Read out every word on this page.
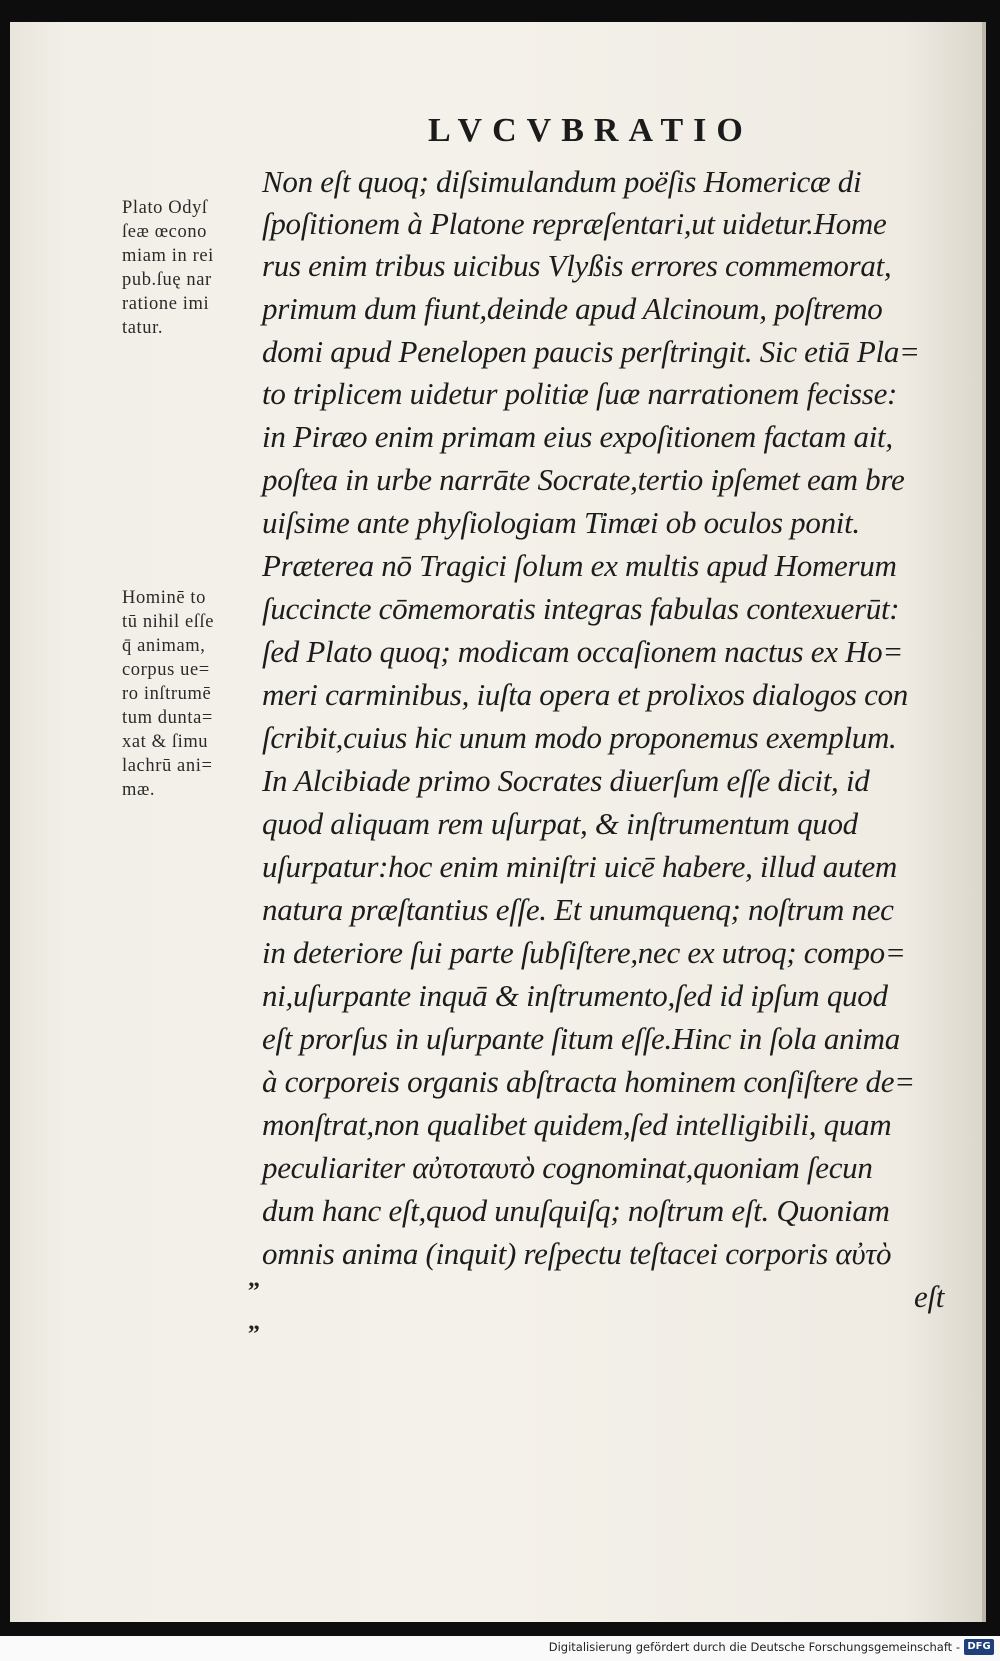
LVCVBRATIO
Non eſt quoq; diſsimulandum poëſis Homericæ di
ſpoſitionem à Platone repræſentari,ut uidetur.Home
rus enim tribus uicibus Vlyßis errores commemorat,
primum dum fiunt,deinde apud Alcinoum, poſtremo
domi apud Penelopen paucis perſtringit. Sic etiā Pla=
to triplicem uidetur politiæ ſuæ narrationem fecisse:
in Piræo enim primam eius expoſitionem factam ait,
poſtea in urbe narrāte Socrate,tertio ipſemet eam bre
uiſsime ante phyſiologiam Timæi ob oculos ponit.
Præterea nō Tragici ſolum ex multis apud Homerum
ſuccincte cōmemoratis integras fabulas contexuerūt:
ſed Plato quoq; modicam occaſionem nactus ex Ho=
meri carminibus, iuſta opera et prolixos dialogos con
ſcribit,cuius hic unum modo proponemus exemplum.
In Alcibiade primo Socrates diuerſum eſſe dicit, id
quod aliquam rem uſurpat, & inſtrumentum quod
uſurpatur:hoc enim miniſtri uicē habere, illud autem
natura præſtantius eſſe. Et unumquenq; noſtrum nec
in deteriore ſui parte ſubſiſtere,nec ex utroq; compo=
ni,uſurpante inquā & inſtrumento,ſed id ipſum quod
eſt prorſus in uſurpante ſitum eſſe.Hinc in ſola anima
à corporeis organis abſtracta hominem conſiſtere de=
monſtrat,non qualibet quidem,ſed intelligibili, quam
peculiariter αὐτοταυτὸ cognominat,quoniam ſecun
dum hanc eſt,quod unuſquiſq; noſtrum eſt. Quoniam
omnis anima (inquit) reſpectu teſtacei corporis αὐτὸ
eſt
Plato Odyſ
ſeæ œcono
miam in rei
pub.ſuę nar
ratione imi
tatur.
Hominē to
tū nihil eſſe
q̄ animam,
corpus ue=
ro inſtrumē
tum dunta=
xat & ſimu
lachrū ani=
mæ.
„
„
Digitalisierung gefördert durch die Deutsche Forschungsgemeinschaft - DFG
